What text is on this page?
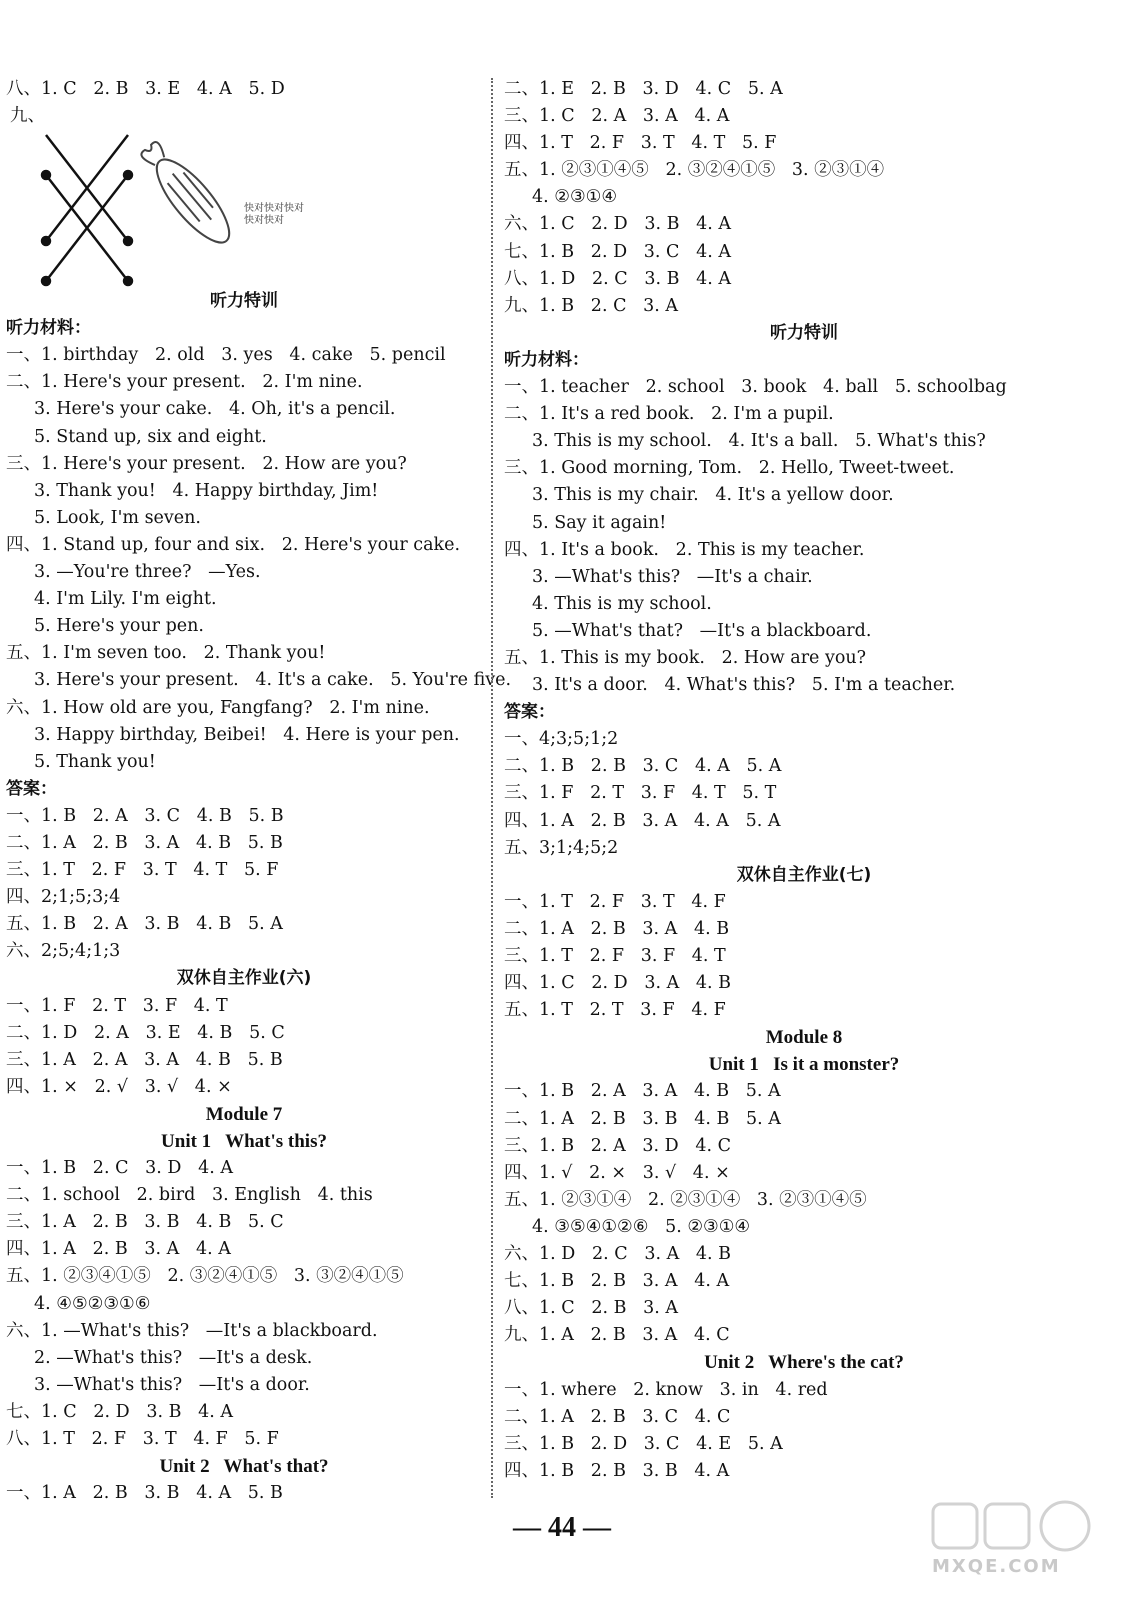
八、1. C   2. B   3. E   4. A   5. D
九、
快对快对快对
快对快对
听力特训
听力材料：
一、1. birthday   2. old   3. yes   4. cake   5. pencil
二、1. Here's your present.   2. I'm nine.
3. Here's your cake.   4. Oh, it's a pencil.
5. Stand up, six and eight.
三、1. Here's your present.   2. How are you?
3. Thank you!   4. Happy birthday, Jim!
5. Look, I'm seven.
四、1. Stand up, four and six.   2. Here's your cake.
3. —You're three?   —Yes.
4. I'm Lily. I'm eight.
5. Here's your pen.
五、1. I'm seven too.   2. Thank you!
3. Here's your present.   4. It's a cake.   5. You're five.
六、1. How old are you, Fangfang?   2. I'm nine.
3. Happy birthday, Beibei!   4. Here is your pen.
5. Thank you!
答案：
一、1. B   2. A   3. C   4. B   5. B
二、1. A   2. B   3. A   4. B   5. B
三、1. T   2. F   3. T   4. T   5. F
四、2;1;5;3;4
五、1. B   2. A   3. B   4. B   5. A
六、2;5;4;1;3
双休自主作业(六)
一、1. F   2. T   3. F   4. T
二、1. D   2. A   3. E   4. B   5. C
三、1. A   2. A   3. A   4. B   5. B
四、1. ×   2. √   3. √   4. ×
Module 7
Unit 1   What's this?
一、1. B   2. C   3. D   4. A
二、1. school   2. bird   3. English   4. this
三、1. A   2. B   3. B   4. B   5. C
四、1. A   2. B   3. A   4. A
五、1. ②③④①⑤   2. ③②④①⑤   3. ③②④①⑤
4. ④⑤②③①⑥
六、1. —What's this?   —It's a blackboard.
2. —What's this?   —It's a desk.
3. —What's this?   —It's a door.
七、1. C   2. D   3. B   4. A
八、1. T   2. F   3. T   4. F   5. F
Unit 2   What's that?
一、1. A   2. B   3. B   4. A   5. B
二、1. E   2. B   3. D   4. C   5. A
三、1. C   2. A   3. A   4. A
四、1. T   2. F   3. T   4. T   5. F
五、1. ②③①④⑤   2. ③②④①⑤   3. ②③①④
4. ②③①④
六、1. C   2. D   3. B   4. A
七、1. B   2. D   3. C   4. A
八、1. D   2. C   3. B   4. A
九、1. B   2. C   3. A
听力特训
听力材料：
一、1. teacher   2. school   3. book   4. ball   5. schoolbag
二、1. It's a red book.   2. I'm a pupil.
3. This is my school.   4. It's a ball.   5. What's this?
三、1. Good morning, Tom.   2. Hello, Tweet-tweet.
3. This is my chair.   4. It's a yellow door.
5. Say it again!
四、1. It's a book.   2. This is my teacher.
3. —What's this?   —It's a chair.
4. This is my school.
5. —What's that?   —It's a blackboard.
五、1. This is my book.   2. How are you?
3. It's a door.   4. What's this?   5. I'm a teacher.
答案：
一、4;3;5;1;2
二、1. B   2. B   3. C   4. A   5. A
三、1. F   2. T   3. F   4. T   5. T
四、1. A   2. B   3. A   4. A   5. A
五、3;1;4;5;2
双休自主作业(七)
一、1. T   2. F   3. T   4. F
二、1. A   2. B   3. A   4. B
三、1. T   2. F   3. F   4. T
四、1. C   2. D   3. A   4. B
五、1. T   2. T   3. F   4. F
Module 8
Unit 1   Is it a monster?
一、1. B   2. A   3. A   4. B   5. A
二、1. A   2. B   3. B   4. B   5. A
三、1. B   2. A   3. D   4. C
四、1. √   2. ×   3. √   4. ×
五、1. ②③①④   2. ②③①④   3. ②③①④⑤
4. ③⑤④①②⑥   5. ②③①④
六、1. D   2. C   3. A   4. B
七、1. B   2. B   3. A   4. A
八、1. C   2. B   3. A
九、1. A   2. B   3. A   4. C
Unit 2   Where's the cat?
一、1. where   2. know   3. in   4. red
二、1. A   2. B   3. C   4. C
三、1. B   2. D   3. C   4. E   5. A
四、1. B   2. B   3. B   4. A
— 44 —
MXQE.COM
